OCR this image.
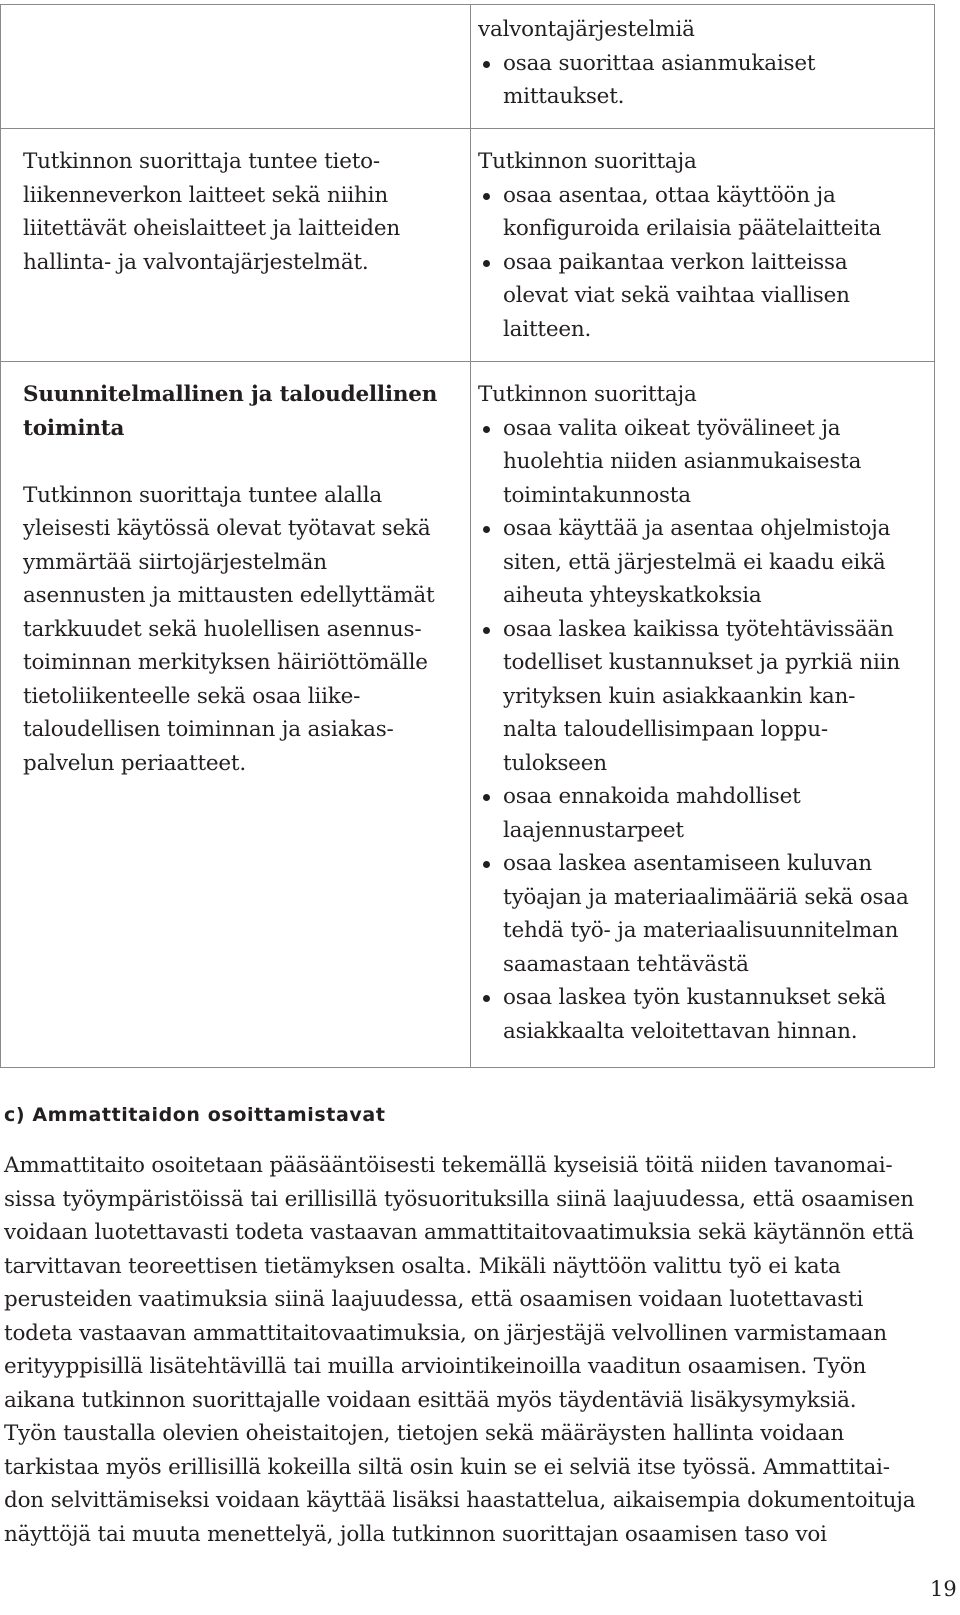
valvontajärjestelmiä

osaa suorittaa asianmukaiset
mittaukset.

Tutkinnon suorittaja tuntee tieto-

liikenneverkon laitteet sekä niihin

liitettävät oheislaitteet ja laitteiden

hallinta- ja valvontajärjestelmät.

Tutkinnon suorittaja

osaa asentaa, ottaa käyttöön ja
konfiguroida erilaisia päätelaitteita
osaa paikantaa verkon laitteissa
olevat viat sekä vaihtaa viallisen
laitteen.

Suunnitelmallinen ja taloudellinen

toiminta

Tutkinnon suorittaja tuntee alalla

yleisesti käytössä olevat työtavat sekä

ymmärtää siirtojärjestelmän

asennusten ja mittausten edellyttämät

tarkkuudet sekä huolellisen asennus-

toiminnan merkityksen häiriöttömälle

tietoliikenteelle sekä osaa liike-

taloudellisen toiminnan ja asiakas-

palvelun periaatteet.

Tutkinnon suorittaja

osaa valita oikeat työvälineet ja
huolehtia niiden asianmukaisesta
toimintakunnosta
osaa käyttää ja asentaa ohjelmistoja
siten, että järjestelmä ei kaadu eikä
aiheuta yhteyskatkoksia
osaa laskea kaikissa työtehtävissään
todelliset kustannukset ja pyrkiä niin
yrityksen kuin asiakkaankin kan-
nalta taloudellisimpaan loppu-
tulokseen
osaa ennakoida mahdolliset
laajennustarpeet
osaa laskea asentamiseen kuluvan
työajan ja materiaalimääriä sekä osaa
tehdä työ- ja materiaalisuunnitelman
saamastaan tehtävästä
osaa laskea työn kustannukset sekä
asiakkaalta veloitettavan hinnan.
c) Ammattitaidon osoittamistavat
Ammattitaito osoitetaan pääsääntöisesti tekemällä kyseisiä töitä niiden tavanomai-
sissa työympäristöissä tai erillisillä työsuorituksilla siinä laajuudessa, että osaamisen
voidaan luotettavasti todeta vastaavan ammattitaitovaatimuksia sekä käytännön että
tarvittavan teoreettisen tietämyksen osalta. Mikäli näyttöön valittu työ ei kata
perusteiden vaatimuksia siinä laajuudessa, että osaamisen voidaan luotettavasti
todeta vastaavan ammattitaitovaatimuksia, on järjestäjä velvollinen varmistamaan
erityyppisillä lisätehtävillä tai muilla arviointikeinoilla vaaditun osaamisen. Työn
aikana tutkinnon suorittajalle voidaan esittää myös täydentäviä lisäkysymyksiä.
Työn taustalla olevien oheistaitojen, tietojen sekä määräysten hallinta voidaan
tarkistaa myös erillisillä kokeilla siltä osin kuin se ei selviä itse työssä. Ammattitai-
don selvittämiseksi voidaan käyttää lisäksi haastattelua, aikaisempia dokumentoituja
näyttöjä tai muuta menettelyä, jolla tutkinnon suorittajan osaamisen taso voi
19
